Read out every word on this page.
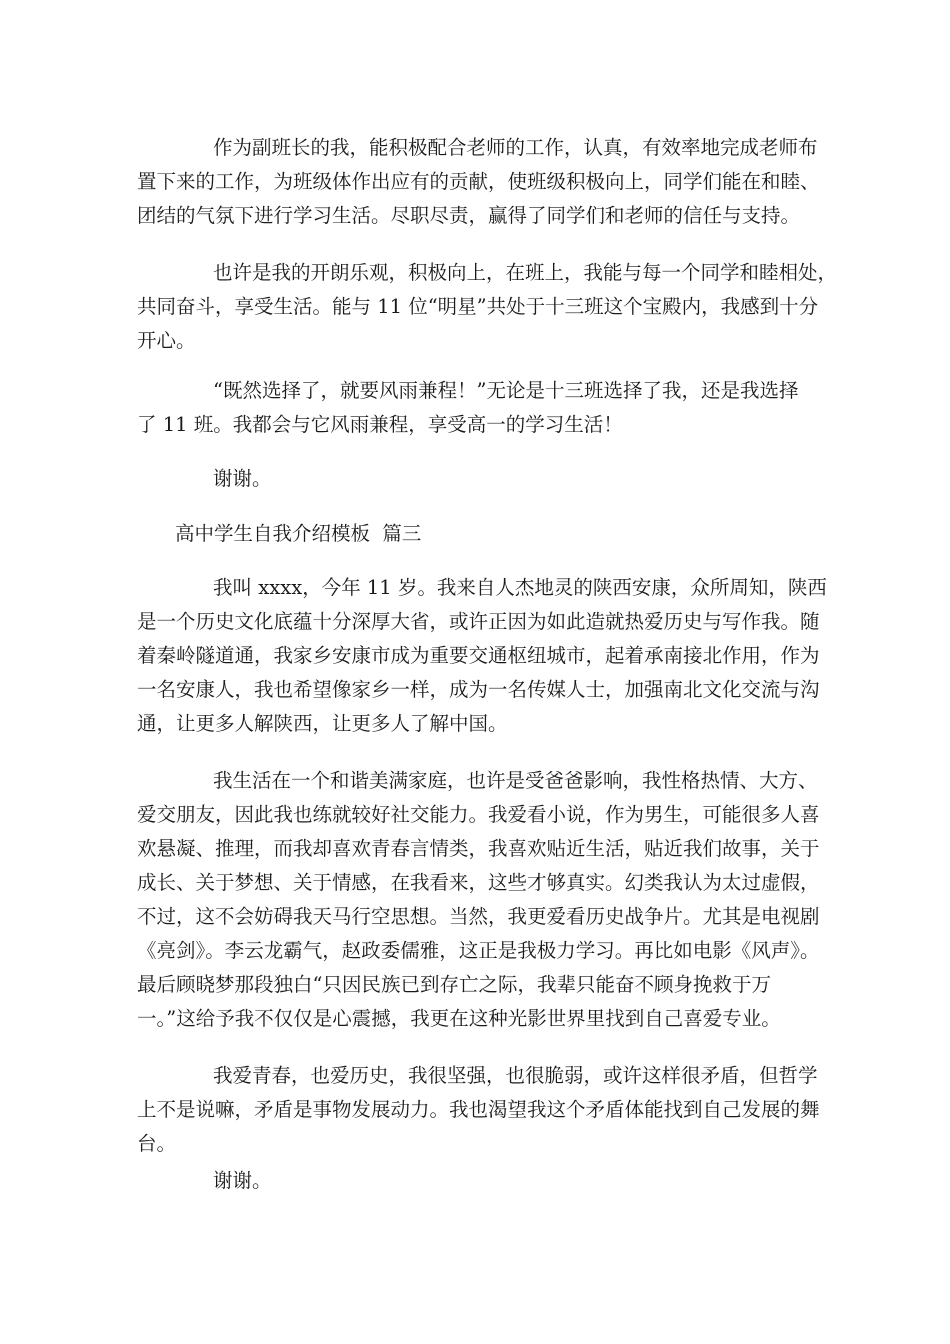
作为副班长的我，能积极配合老师的工作，认真，有效率地完成老师布

置下来的工作，为班级体作出应有的贡献，使班级积极向上，同学们能在和睦、

团结的气氛下进行学习生活。尽职尽责，赢得了同学们和老师的信任与支持。

也许是我的开朗乐观，积极向上，在班上，我能与每一个同学和睦相处，

共同奋斗，享受生活。能与 11 位“明星”共处于十三班这个宝殿内，我感到十分

开心。

“既然选择了，就要风雨兼程！”无论是十三班选择了我，还是我选择

了 11 班。我都会与它风雨兼程，享受高一的学习生活！

谢谢。

高中学生自我介绍模板  篇三

我叫 xxxx，今年 11 岁。我来自人杰地灵的陕西安康，众所周知，陕西

是一个历史文化底蕴十分深厚大省，或许正因为如此造就热爱历史与写作我。随

着秦岭隧道通，我家乡安康市成为重要交通枢纽城市，起着承南接北作用，作为

一名安康人，我也希望像家乡一样，成为一名传媒人士，加强南北文化交流与沟

通，让更多人解陕西，让更多人了解中国。

我生活在一个和谐美满家庭，也许是受爸爸影响，我性格热情、大方、

爱交朋友，因此我也练就较好社交能力。我爱看小说，作为男生，可能很多人喜

欢悬凝、推理，而我却喜欢青春言情类，我喜欢贴近生活，贴近我们故事，关于

成长、关于梦想、关于情感，在我看来，这些才够真实。幻类我认为太过虚假，

不过，这不会妨碍我天马行空思想。当然，我更爱看历史战争片。尤其是电视剧

《亮剑》。李云龙霸气，赵政委儒雅，这正是我极力学习。再比如电影《风声》。

最后顾晓梦那段独白“只因民族已到存亡之际，我辈只能奋不顾身挽救于万

一。”这给予我不仅仅是心震撼，我更在这种光影世界里找到自己喜爱专业。

我爱青春，也爱历史，我很坚强，也很脆弱，或许这样很矛盾，但哲学

上不是说嘛，矛盾是事物发展动力。我也渴望我这个矛盾体能找到自己发展的舞

台。

谢谢。
